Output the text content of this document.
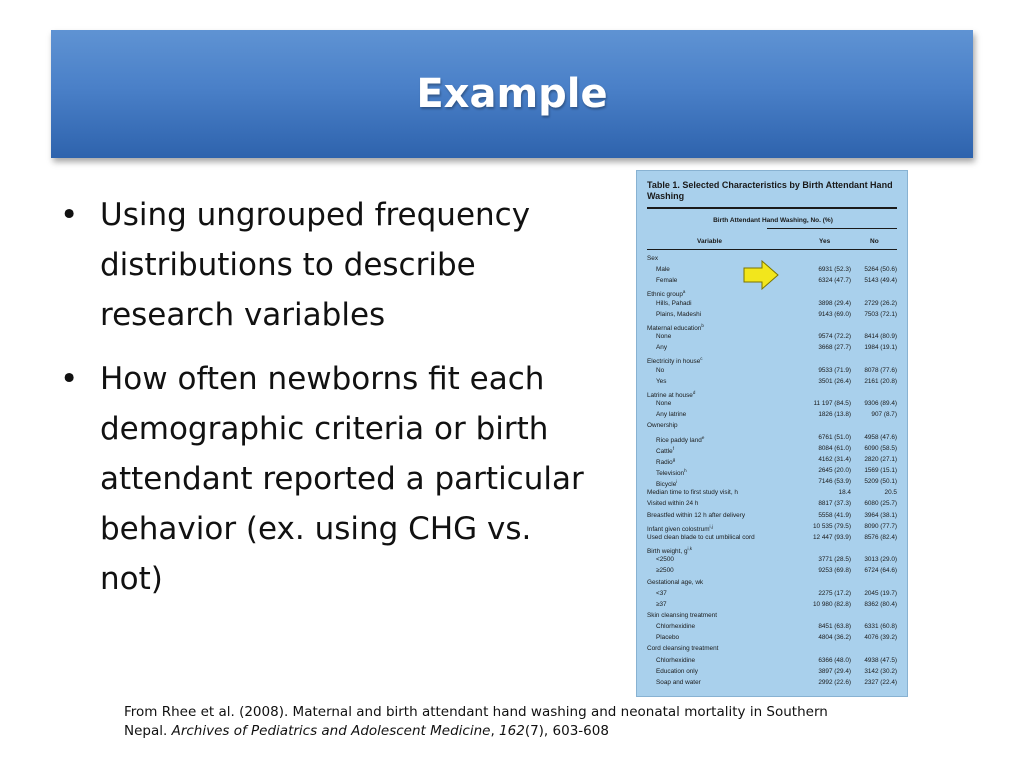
Example
• Using ungrouped frequency distributions to describe research variables
• How often newborns fit each demographic criteria or birth attendant reported a particular behavior (ex. using CHG vs. not)
Table 1. Selected Characteristics by Birth Attendant Hand Washing
Birth Attendant Hand Washing, No. (%)
Variable	Yes	No
Sex
Male	6931 (52.3)	5264 (50.6)
Female	6324 (47.7)	5143 (49.4)
Ethnic group$^a$
Hills, Pahadi	3898 (29.4)	2729 (26.2)
Plains, Madeshi	9143 (69.0)	7503 (72.1)
Maternal education$^b$
None	9574 (72.2)	8414 (80.9)
Any	3668 (27.7)	1984 (19.1)
Electricity in house$^c$
No	9533 (71.9)	8078 (77.6)
Yes	3501 (26.4)	2161 (20.8)
Latrine at house$^d$
None	11 197 (84.5)	9306 (89.4)
Any latrine	1826 (13.8)	907 (8.7)
Ownership
Rice paddy land$^e$	6761 (51.0)	4958 (47.6)
Cattle$^f$	8084 (61.0)	6090 (58.5)
Radio$^g$	4162 (31.4)	2820 (27.1)
Television$^h$	2645 (20.0)	1569 (15.1)
Bicycle$^i$	7146 (53.9)	5209 (50.1)
Median time to first study visit, h	18.4	20.5
Visited within 24 h	8817 (37.3)	6080 (25.7)
Breastfed within 12 h after delivery	5558 (41.9)	3964 (38.1)
Infant given colostrum$^{i,j}$	10 535 (79.5)	8090 (77.7)
Used clean blade to cut umbilical cord	12 447 (93.9)	8576 (82.4)
Birth weight, $g^{i,k}$
<2500	3771 (28.5)	3013 (29.0)
≥2500	9253 (69.8)	6724 (64.6)
Gestational age, wk
<37	2275 (17.2)	2045 (19.7)
≥37	10 980 (82.8)	8362 (80.4)
Skin cleansing treatment
Chlorhexidine	8451 (63.8)	6331 (60.8)
Placebo	4804 (36.2)	4076 (39.2)
Cord cleansing treatment
Chlorhexidine	6366 (48.0)	4938 (47.5)
Education only	3897 (29.4)	3142 (30.2)
Soap and water	2992 (22.6)	2327 (22.4)
From Rhee et al. (2008). Maternal and birth attendant hand washing and neonatal mortality in Southern Nepal. Archives of Pediatrics and Adolescent Medicine, 162(7), 603-608
